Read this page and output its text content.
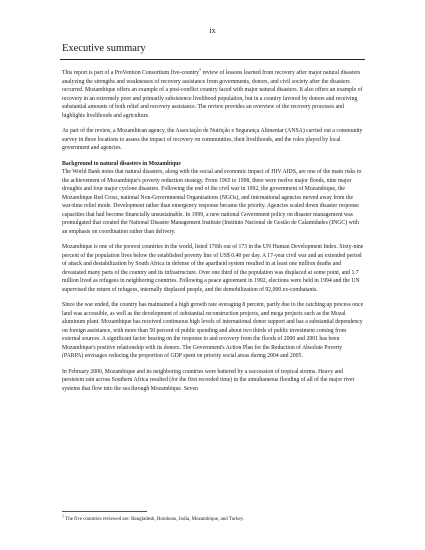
ix
Executive summary

This report is part of a ProVention Consortium five-country$^1$ review of lessons learned from recovery after major natural disasters analyzing the strengths and weaknesses of recovery assistance from governments, donors, and civil society after the disasters occurred. Mozambique offers an example of a post-conflict country faced with major natural disasters. It also offers an example of recovery in an extremely poor and primarily subsistence livelihood population, but in a country favored by donors and receiving substantial amounts of both relief and recovery assistance. The review provides an overview of the recovery processes and highlights livelihoods and agriculture.

As part of the review, a Mozambican agency, the Associação de Nutrição e Segurança Alimentar (ANSA) carried out a community survey in three locations to assess the impact of recovery on communities, their livelihoods, and the roles played by local government and agencies.

Background to natural disasters in Mozambique

The World Bank notes that natural disasters, along with the social and economic impact of HIV AIDS, are one of the main risks to the achievement of Mozambique's poverty reduction strategy. From 1965 to 1998, there were twelve major floods, nine major droughts and four major cyclone disasters. Following the end of the civil war in 1992, the government of Mozambique, the Mozambique Red Cross, national Non-Governmental Organisations (NGOs), and international agencies moved away from the war-time relief mode. Development rather than emergency response became the priority. Agencies scaled down disaster response capacities that had become financially unsustainable. In 1999, a new national Government policy on disaster management was promulgated that created the National Disaster Management Institute (Instituto Nacional de Gestão de Calamidades (INGC) with an emphasis on coordination rather than delivery.

Mozambique is one of the poorest countries in the world, listed 170th out of 173 in the UN Human Development Index. Sixty-nine percent of the population lives below the established poverty line of US$ 0.40 per day. A 17-year civil war and an extended period of attack and destabilization by South Africa in defense of the apartheid system resulted in at least one million deaths and devastated many parts of the country and its infrastructure. Over one third of the population was displaced at some point, and 1.7 million lived as refugees in neighboring countries. Following a peace agreement in 1992, elections were held in 1994 and the UN supervised the return of refugees, internally displaced people, and the demobilization of 92,000 ex-combatants.

Since the war ended, the country has maintained a high growth rate averaging 8 percent, partly due to the catching up process once land was accessible, as well as the development of substantial reconstruction projects, and mega projects such as the Mozal aluminum plant. Mozambique has received continuous high levels of international donor support and has a substantial dependency on foreign assistance, with more than 50 percent of public spending and about two thirds of public investment coming from external sources. A significant factor bearing on the response to and recovery from the floods of 2000 and 2001 has been Mozambique's positive relationship with its donors. The Government's Action Plan for the Reduction of Absolute Poverty (PARPA) envisages reducing the proportion of GDP spent on priority social areas during 2004 and 2005.

In February 2000, Mozambique and its neighboring countries were battered by a succession of tropical storms. Heavy and persistent rain across Southern Africa resulted (for the first recorded time) in the simultaneous flooding of all of the major river systems that flow into the sea through Mozambique. Seven

$^1$ The five countries reviewed are: Bangladesh, Honduras, India, Mozambique, and Turkey.
